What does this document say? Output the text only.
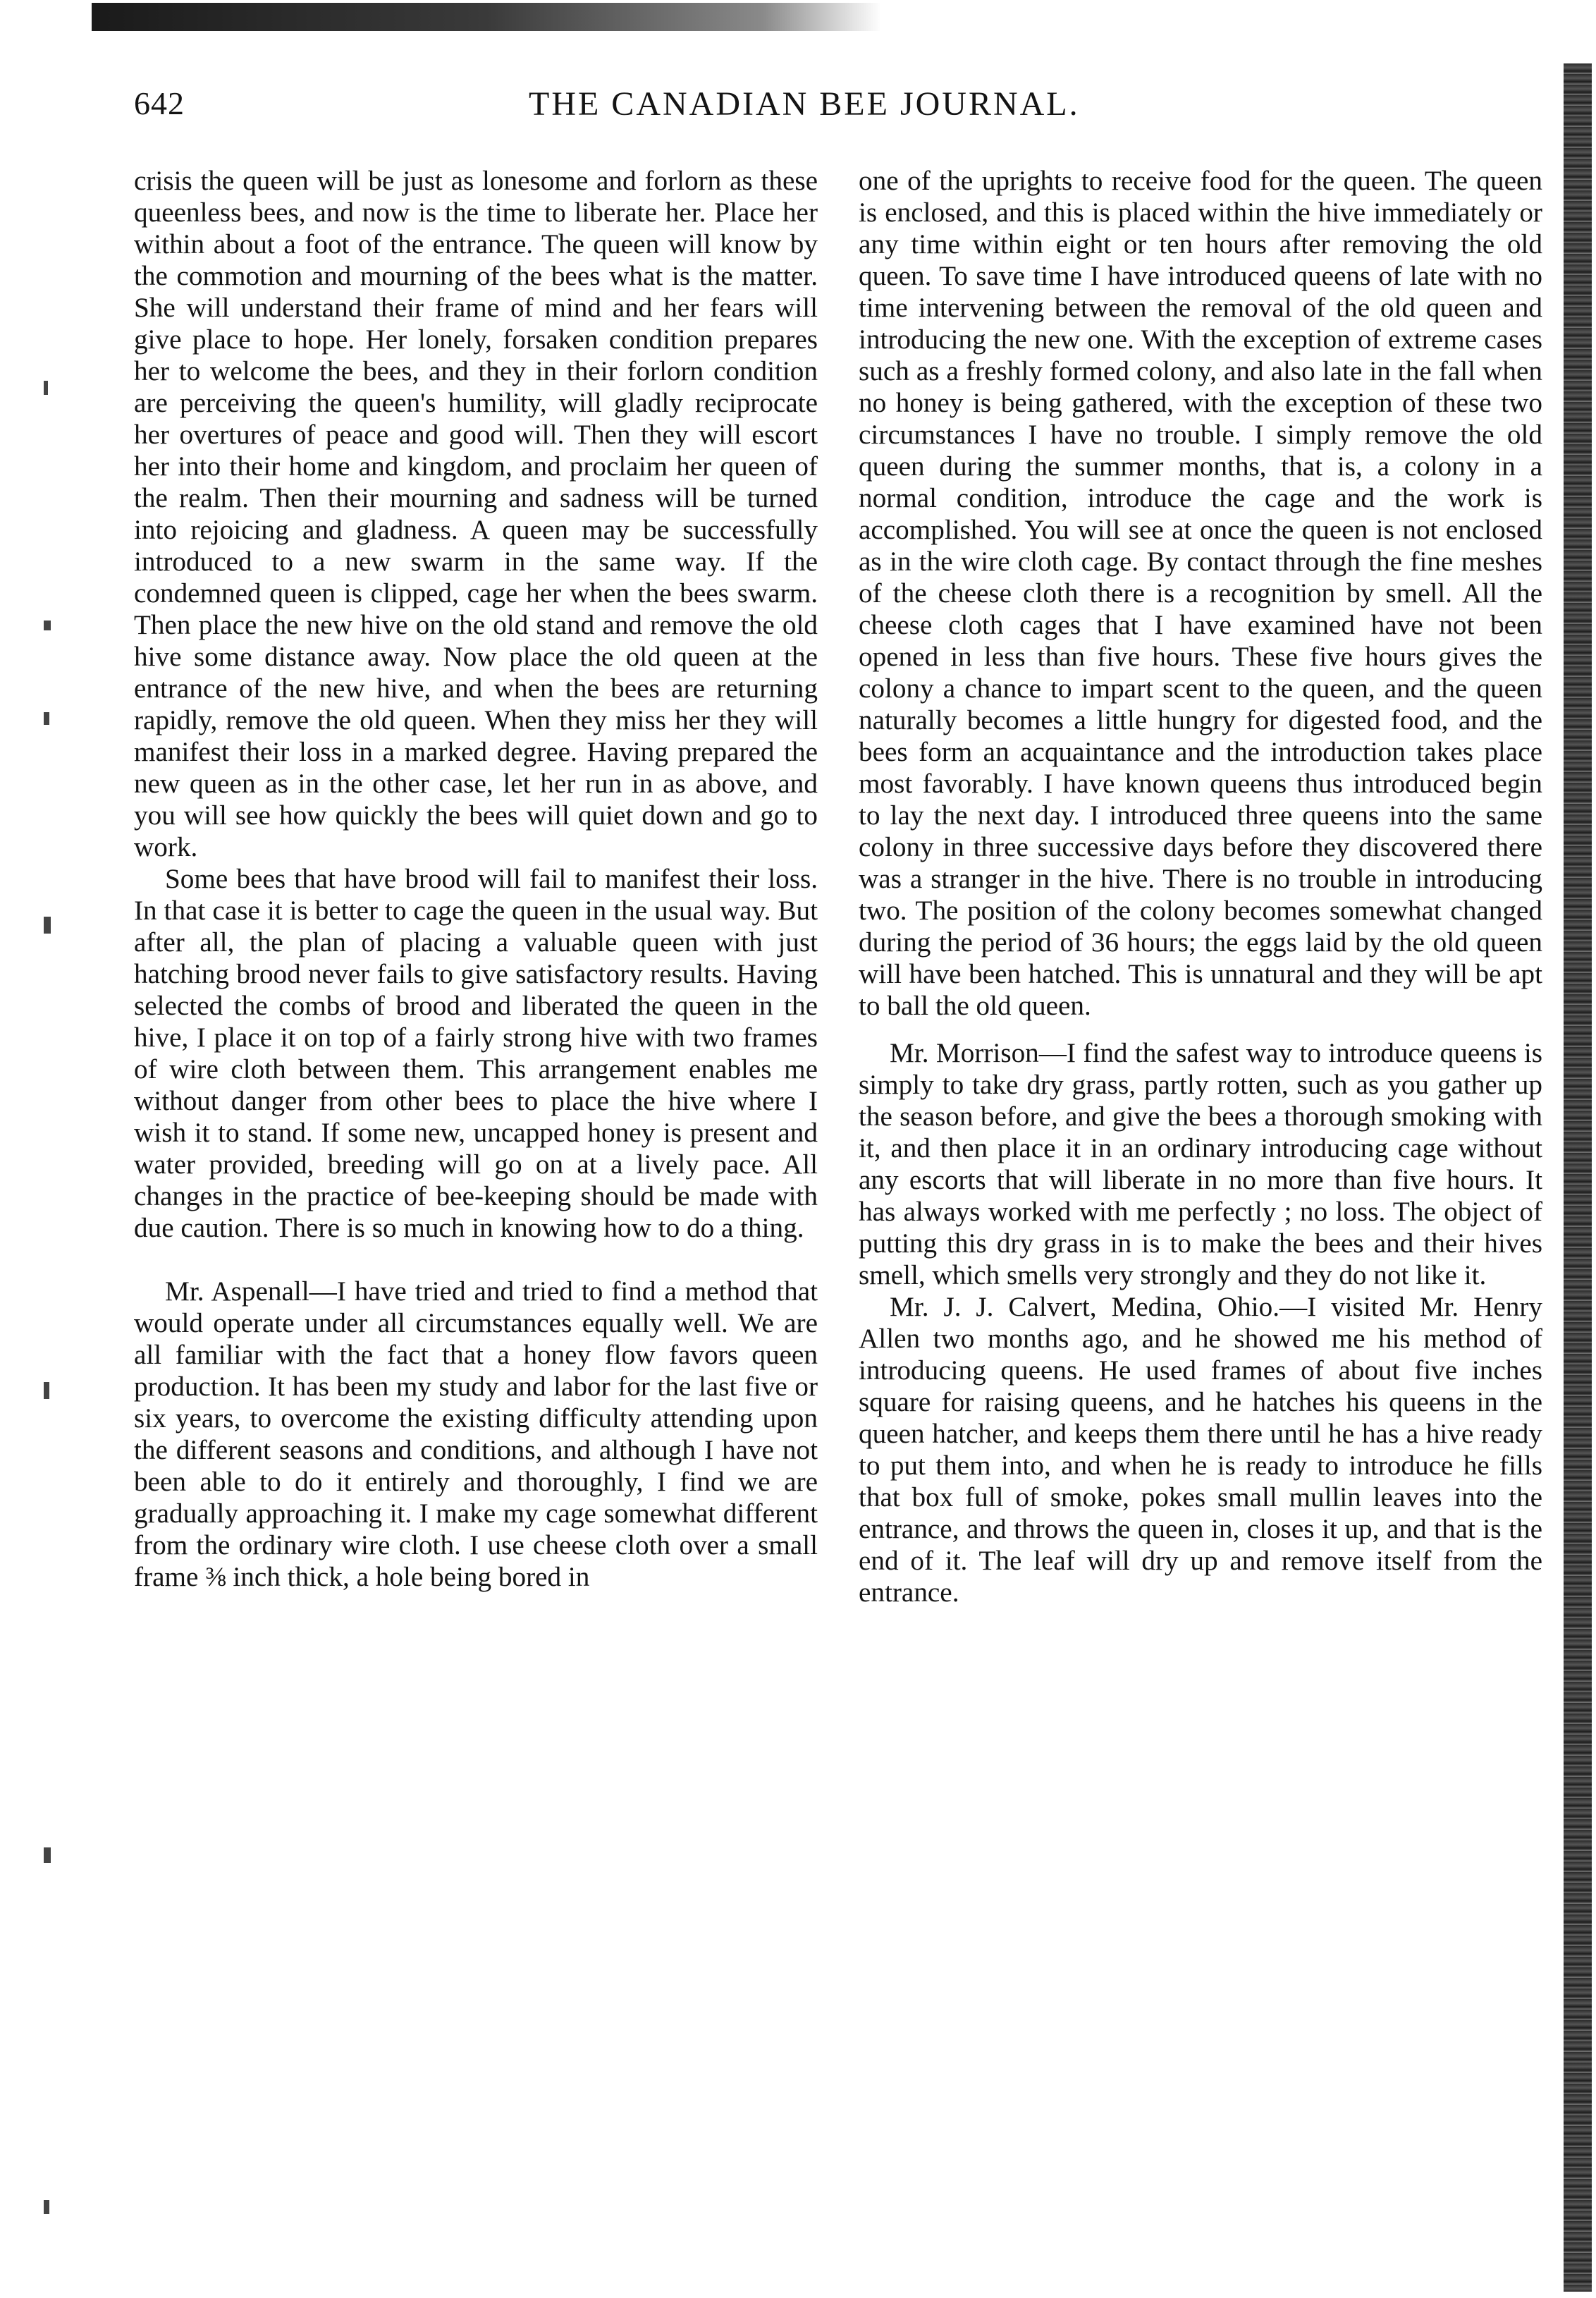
642	THE CANADIAN BEE JOURNAL.

crisis the queen will be just as lonesome and forlorn as these queenless bees, and now is the time to liberate her. Place her within about a foot of the entrance. The queen will know by the commotion and mourning of the bees what is the matter. She will understand their frame of mind and her fears will give place to hope. Her lonely, forsaken condition prepares her to welcome the bees, and they in their forlorn condition are perceiving the queen's humility, will gladly reciprocate her overtures of peace and good will. Then they will escort her into their home and kingdom, and proclaim her queen of the realm. Then their mourning and sadness will be turned into rejoicing and gladness. A queen may be successfully introduced to a new swarm in the same way. If the condemned queen is clipped, cage her when the bees swarm. Then place the new hive on the old stand and remove the old hive some distance away. Now place the old queen at the entrance of the new hive, and when the bees are returning rapidly, remove the old queen. When they miss her they will manifest their loss in a marked degree. Having prepared the new queen as in the other case, let her run in as above, and you will see how quickly the bees will quiet down and go to work.

Some bees that have brood will fail to manifest their loss. In that case it is better to cage the queen in the usual way. But after all, the plan of placing a valuable queen with just hatching brood never fails to give satisfactory results. Having selected the combs of brood and liberated the queen in the hive, I place it on top of a fairly strong hive with two frames of wire cloth between them. This arrangement enables me without danger from other bees to place the hive where I wish it to stand. If some new, uncapped honey is present and water provided, breeding will go on at a lively pace. All changes in the practice of bee-keeping should be made with due caution. There is so much in knowing how to do a thing.

Mr. Aspenall—I have tried and tried to find a method that would operate under all circumstances equally well. We are all familiar with the fact that a honey flow favors queen production. It has been my study and labor for the last five or six years, to overcome the existing difficulty attending upon the different seasons and conditions, and although I have not been able to do it entirely and thoroughly, I find we are gradually approaching it. I make my cage somewhat different from the ordinary wire cloth. I use cheese cloth over a small frame ⅜ inch thick, a hole being bored in

one of the uprights to receive food for the queen. The queen is enclosed, and this is placed within the hive immediately or any time within eight or ten hours after removing the old queen. To save time I have introduced queens of late with no time intervening between the removal of the old queen and introducing the new one. With the exception of extreme cases such as a freshly formed colony, and also late in the fall when no honey is being gathered, with the exception of these two circumstances I have no trouble. I simply remove the old queen during the summer months, that is, a colony in a normal condition, introduce the cage and the work is accomplished. You will see at once the queen is not enclosed as in the wire cloth cage. By contact through the fine meshes of the cheese cloth there is a recognition by smell. All the cheese cloth cages that I have examined have not been opened in less than five hours. These five hours gives the colony a chance to impart scent to the queen, and the queen naturally becomes a little hungry for digested food, and the bees form an acquaintance and the introduction takes place most favorably. I have known queens thus introduced begin to lay the next day. I introduced three queens into the same colony in three successive days before they discovered there was a stranger in the hive. There is no trouble in introducing two. The position of the colony becomes somewhat changed during the period of 36 hours; the eggs laid by the old queen will have been hatched. This is unnatural and they will be apt to ball the old queen.

Mr. Morrison—I find the safest way to introduce queens is simply to take dry grass, partly rotten, such as you gather up the season before, and give the bees a thorough smoking with it, and then place it in an ordinary introducing cage without any escorts that will liberate in no more than five hours. It has always worked with me perfectly ; no loss. The object of putting this dry grass in is to make the bees and their hives smell, which smells very strongly and they do not like it.

Mr. J. J. Calvert, Medina, Ohio.—I visited Mr. Henry Allen two months ago, and he showed me his method of introducing queens. He used frames of about five inches square for raising queens, and he hatches his queens in the queen hatcher, and keeps them there until he has a hive ready to put them into, and when he is ready to introduce he fills that box full of smoke, pokes small mullin leaves into the entrance, and throws the queen in, closes it up, and that is the end of it. The leaf will dry up and remove itself from the entrance.
